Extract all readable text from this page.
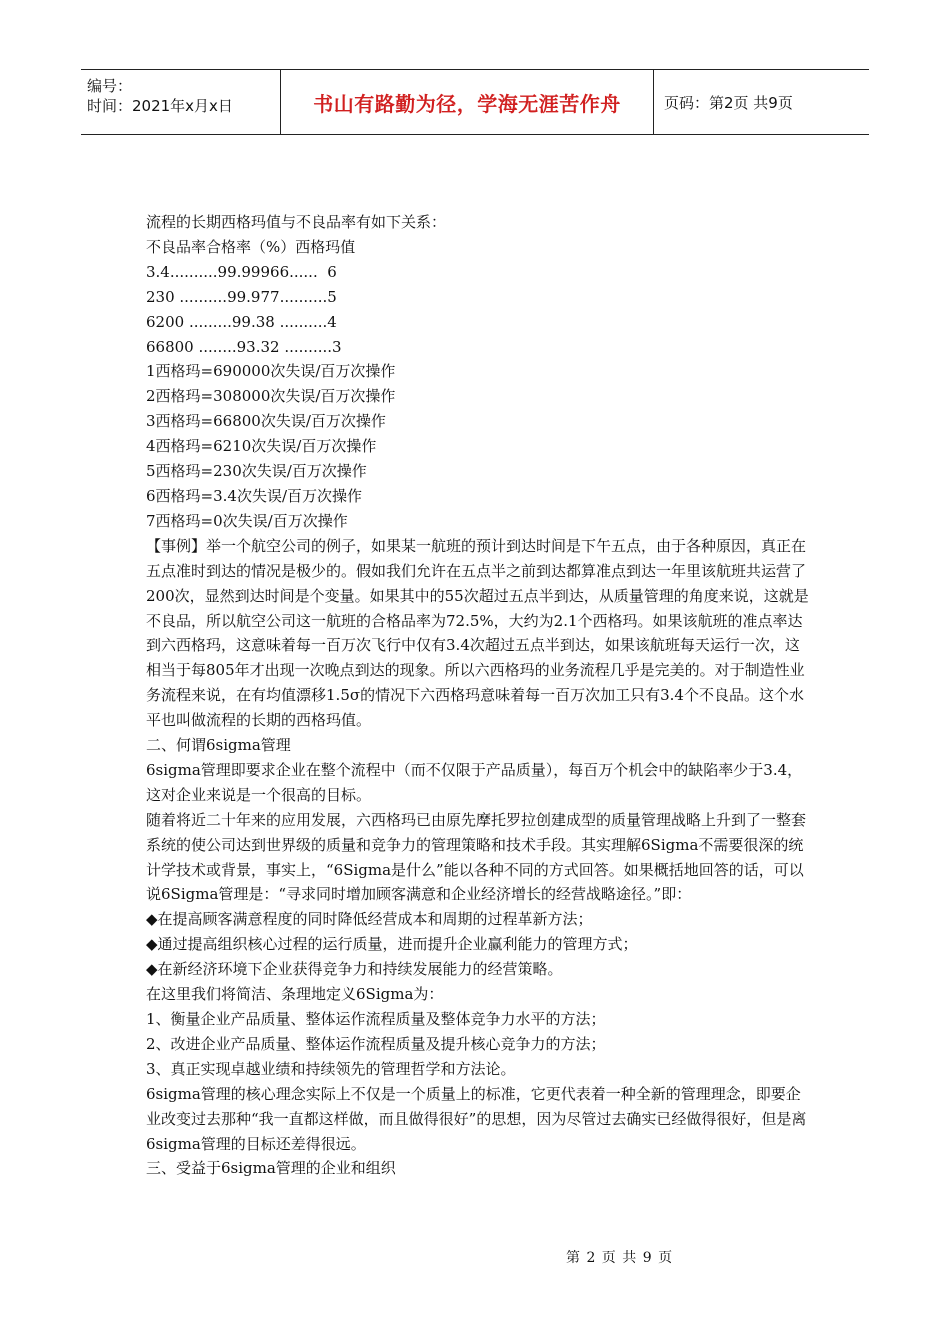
编号：
时间：2021年x月x日	书山有路勤为径，学海无涯苦作舟	页码：第2页 共9页

流程的长期西格玛值与不良品率有如下关系：

不良品率合格率（%）西格玛值

3.4..........99.99966......  6

230 ..........99.977..........5

6200 .........99.38 ..........4

66800 ........93.32 ..........3

1西格玛=690000次失误/百万次操作

2西格玛=308000次失误/百万次操作

3西格玛=66800次失误/百万次操作

4西格玛=6210次失误/百万次操作

5西格玛=230次失误/百万次操作

6西格玛=3.4次失误/百万次操作

7西格玛=0次失误/百万次操作

【事例】举一个航空公司的例子，如果某一航班的预计到达时间是下午五点，由于各种原因，真正在五点准时到达的情况是极少的。假如我们允许在五点半之前到达都算准点到达一年里该航班共运营了200次，显然到达时间是个变量。如果其中的55次超过五点半到达，从质量管理的角度来说，这就是不良品，所以航空公司这一航班的合格品率为72.5%，大约为2.1个西格玛。如果该航班的准点率达到六西格玛，这意味着每一百万次飞行中仅有3.4次超过五点半到达，如果该航班每天运行一次，这相当于每805年才出现一次晚点到达的现象。所以六西格玛的业务流程几乎是完美的。对于制造性业务流程来说，在有均值漂移1.5σ的情况下六西格玛意味着每一百万次加工只有3.4个不良品。这个水平也叫做流程的长期的西格玛值。

二、何谓6sigma管理

6sigma管理即要求企业在整个流程中（而不仅限于产品质量），每百万个机会中的缺陷率少于3.4，这对企业来说是一个很高的目标。

随着将近二十年来的应用发展，六西格玛已由原先摩托罗拉创建成型的质量管理战略上升到了一整套系统的使公司达到世界级的质量和竞争力的管理策略和技术手段。其实理解6Sigma不需要很深的统计学技术或背景，事实上，“6Sigma是什么”能以各种不同的方式回答。如果概括地回答的话，可以说6Sigma管理是：“寻求同时增加顾客满意和企业经济增长的经营战略途径。”即：

◆在提高顾客满意程度的同时降低经营成本和周期的过程革新方法；

◆通过提高组织核心过程的运行质量，进而提升企业赢利能力的管理方式；

◆在新经济环境下企业获得竞争力和持续发展能力的经营策略。

在这里我们将简洁、条理地定义6Sigma为：

1、衡量企业产品质量、整体运作流程质量及整体竞争力水平的方法；

2、改进企业产品质量、整体运作流程质量及提升核心竞争力的方法；

3、真正实现卓越业绩和持续领先的管理哲学和方法论。

6sigma管理的核心理念实际上不仅是一个质量上的标准，它更代表着一种全新的管理理念，即要企业改变过去那种“我一直都这样做，而且做得很好”的思想，因为尽管过去确实已经做得很好，但是离6sigma管理的目标还差得很远。

三、受益于6sigma管理的企业和组织

第 2 页 共 9 页
